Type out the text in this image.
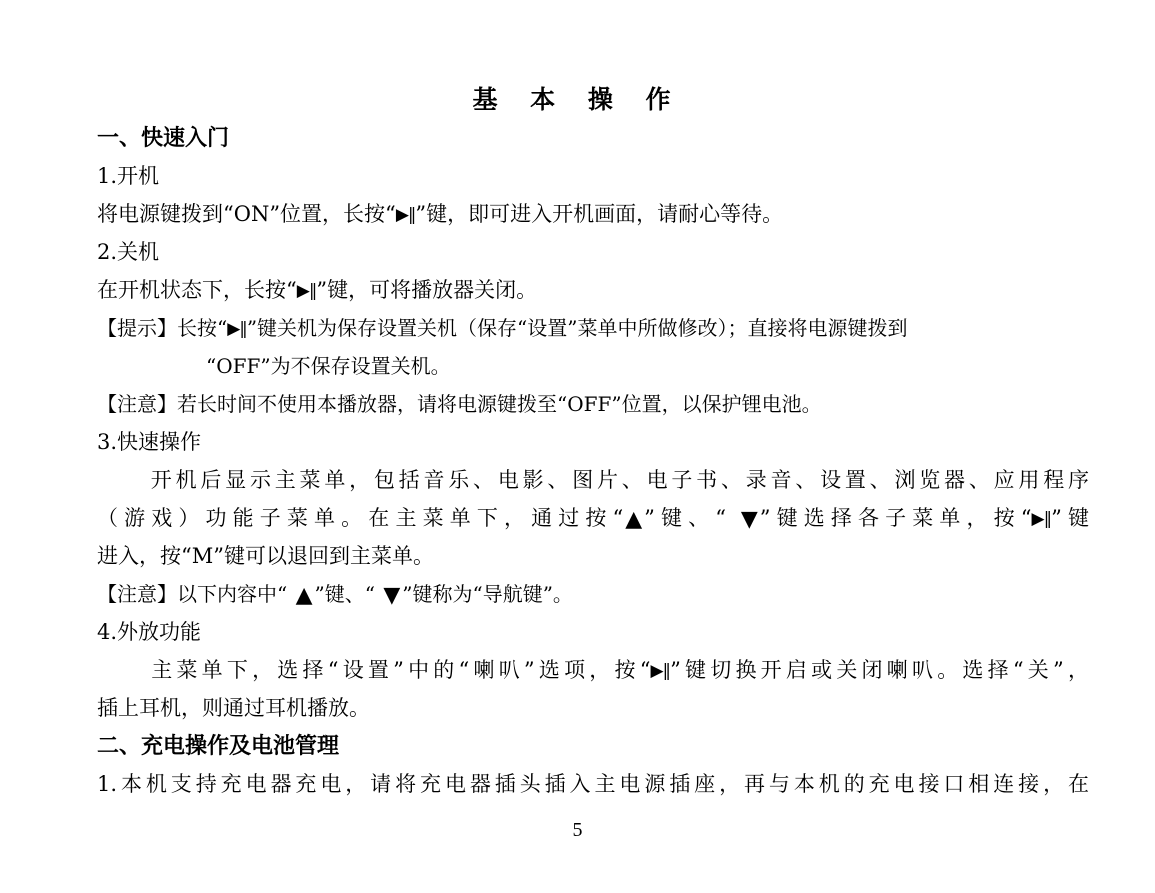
基 本 操 作
一、快速入门
1.开机
将电源键拨到“ON”位置，长按“▶‖”键，即可进入开机画面，请耐心等待。
2.关机
在开机状态下，长按“▶‖”键，可将播放器关闭。
【提示】长按“▶‖”键关机为保存设置关机（保存“设置”菜单中所做修改）；直接将电源键拨到
“OFF”为不保存设置关机。
【注意】若长时间不使用本播放器，请将电源键拨至“OFF”位置，以保护锂电池。
3.快速操作
开机后显示主菜单，包括音乐、电影、图片、电子书、录音、设置、浏览器、应用程序
（游戏）功能子菜单。在主菜单下，通过按“▲”键、“ ▼”键选择各子菜单，按“▶‖”键
进入，按“M”键可以退回到主菜单。
【注意】以下内容中“ ▲ ”键、“ ▼ ”键称为“导航键”。
4.外放功能
主菜单下，选择“设置”中的“喇叭”选项，按“▶‖”键切换开启或关闭喇叭。选择“关”，
插上耳机，则通过耳机播放。
二、充电操作及电池管理
1.本机支持充电器充电，请将充电器插头插入主电源插座，再与本机的充电接口相连接，在
5
